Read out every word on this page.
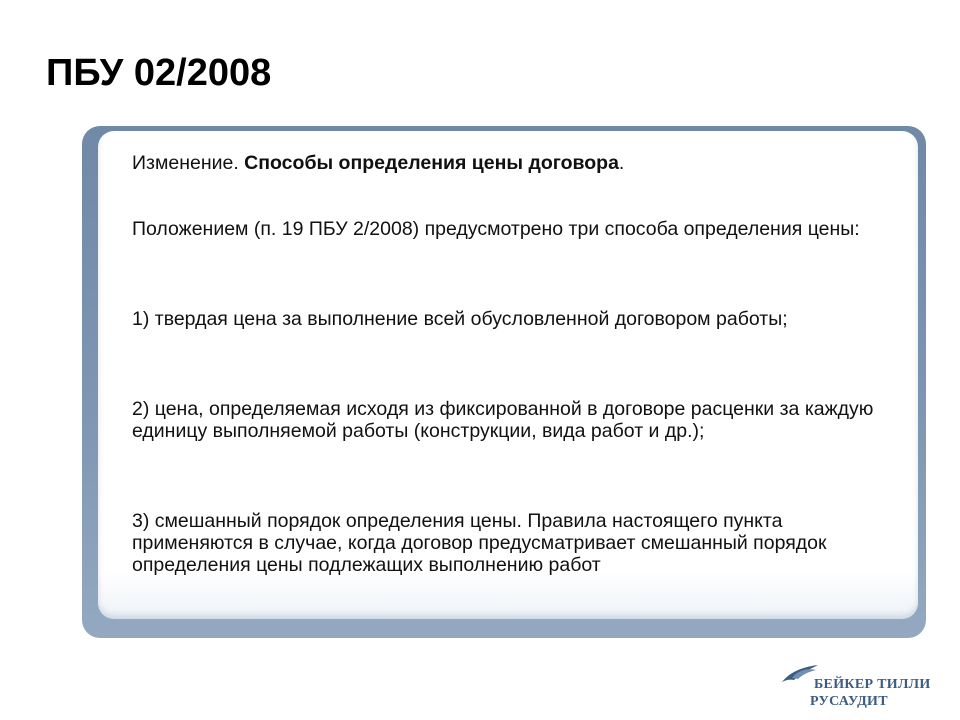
ПБУ 02/2008

Изменение. Способы определения цены договора.

Положением (п. 19 ПБУ 2/2008) предусмотрено три способа определения цены:

1) твердая цена за выполнение всей обусловленной договором работы;

2) цена, определяемая исходя из фиксированной в договоре расценки за каждую единицу выполняемой работы (конструкции, вида работ и др.);

3) смешанный порядок определения цены. Правила настоящего пункта применяются в случае, когда договор предусматривает смешанный порядок определения цены подлежащих выполнению работ

БЕЙКЕР ТИЛЛИ
РУСАУДИТ
